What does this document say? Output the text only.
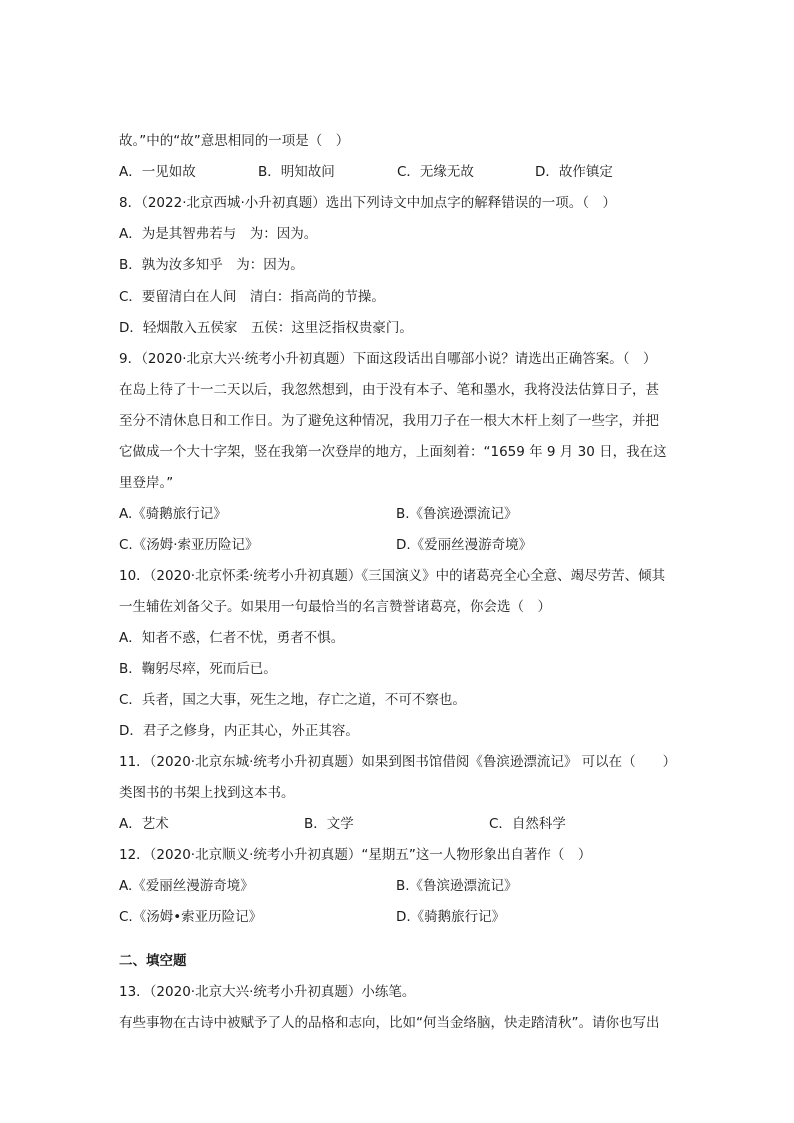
故。”中的“故”意思相同的一项是（　）
A．一见如故	B．明知故问	C．无缘无故	D．故作镇定
8．（2022·北京西城·小升初真题）选出下列诗文中加点字的解释错误的一项。（　）
A．为是其智弗若与　为：因为。
B．孰为汝多知乎　为：因为。
C．要留清白在人间　清白：指高尚的节操。
D．轻烟散入五侯家　五侯：这里泛指权贵豪门。
9．（2020·北京大兴·统考小升初真题）下面这段话出自哪部小说？请选出正确答案。（　）
在岛上待了十一二天以后，我忽然想到，由于没有本子、笔和墨水，我将没法估算日子，甚
至分不清休息日和工作日。为了避免这种情况，我用刀子在一根大木杆上刻了一些字，并把
它做成一个大十字架，竖在我第一次登岸的地方，上面刻着：“1659 年 9 月 30 日，我在这
里登岸。”
A.《骑鹅旅行记》	B.《鲁滨逊漂流记》
C.《汤姆·索亚历险记》	D.《爱丽丝漫游奇境》
10．（2020·北京怀柔·统考小升初真题）《三国演义》中的诸葛亮全心全意、竭尽劳苦、倾其
一生辅佐刘备父子。如果用一句最恰当的名言赞誉诸葛亮，你会选（　）
A．知者不惑，仁者不忧，勇者不惧。
B．鞠躬尽瘁，死而后已。
C．兵者，国之大事，死生之地，存亡之道，不可不察也。
D．君子之修身，内正其心，外正其容。
11．（2020·北京东城·统考小升初真题）如果到图书馆借阅《鲁滨逊漂流记》 可以在（　　）
类图书的书架上找到这本书。
A．艺术	B．文学	C．自然科学
12．（2020·北京顺义·统考小升初真题）“星期五”这一人物形象出自著作（　）
A.《爱丽丝漫游奇境》	B.《鲁滨逊漂流记》
C.《汤姆•索亚历险记》	D.《骑鹅旅行记》
二、填空题
13．（2020·北京大兴·统考小升初真题）小练笔。
有些事物在古诗中被赋予了人的品格和志向，比如“何当金络脑，快走踏清秋”。请你也写出
